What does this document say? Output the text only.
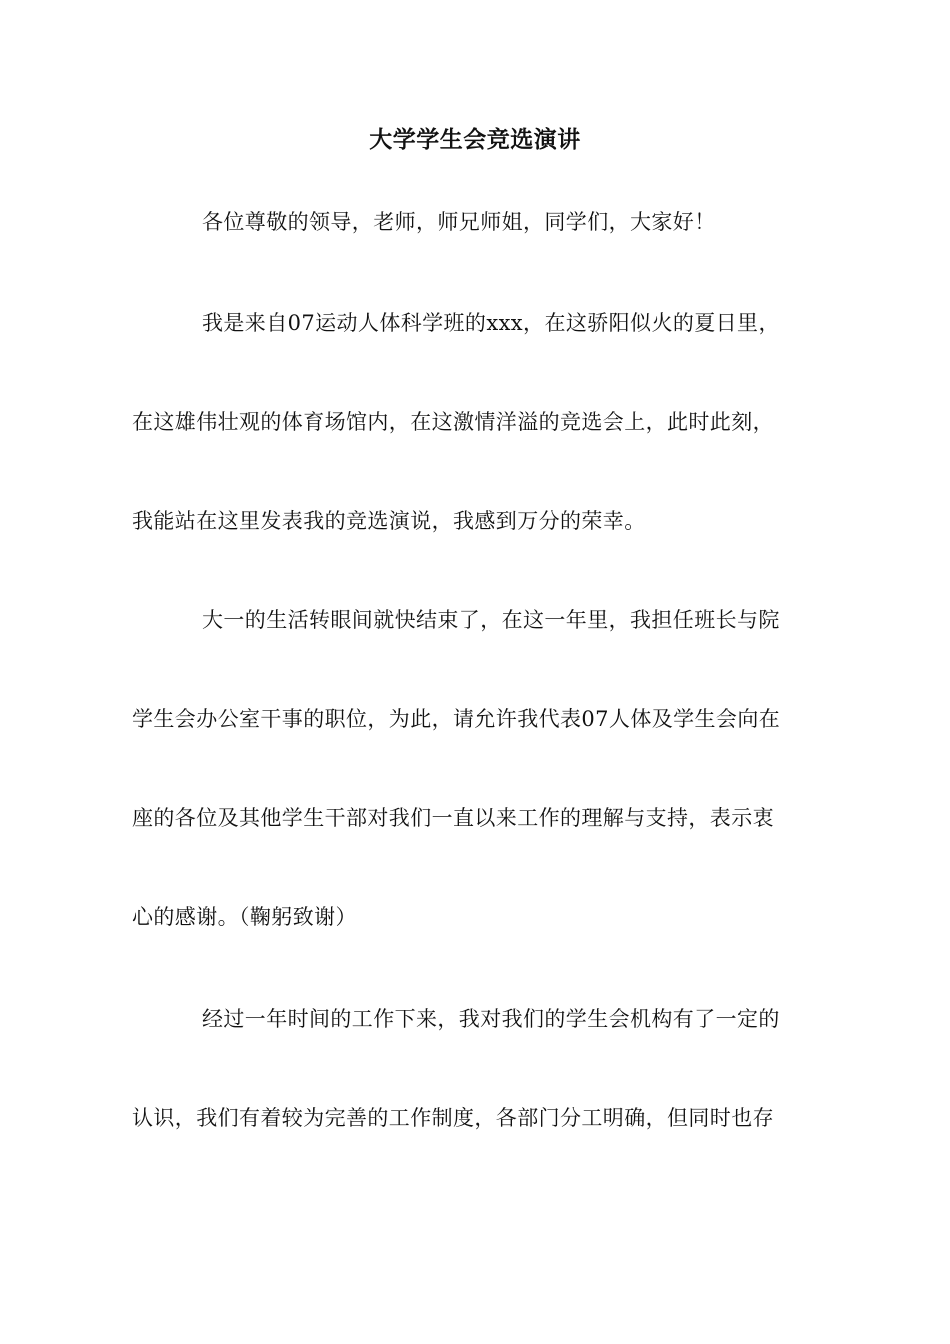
大学学生会竞选演讲
各位尊敬的领导，老师，师兄师姐，同学们，大家好！
我是来自07运动人体科学班的xxx，在这骄阳似火的夏日里，
在这雄伟壮观的体育场馆内，在这激情洋溢的竞选会上，此时此刻，
我能站在这里发表我的竞选演说，我感到万分的荣幸。
大一的生活转眼间就快结束了，在这一年里，我担任班长与院
学生会办公室干事的职位，为此，请允许我代表07人体及学生会向在
座的各位及其他学生干部对我们一直以来工作的理解与支持，表示衷
心的感谢。（鞠躬致谢）
经过一年时间的工作下来，我对我们的学生会机构有了一定的
认识，我们有着较为完善的工作制度，各部门分工明确，但同时也存
